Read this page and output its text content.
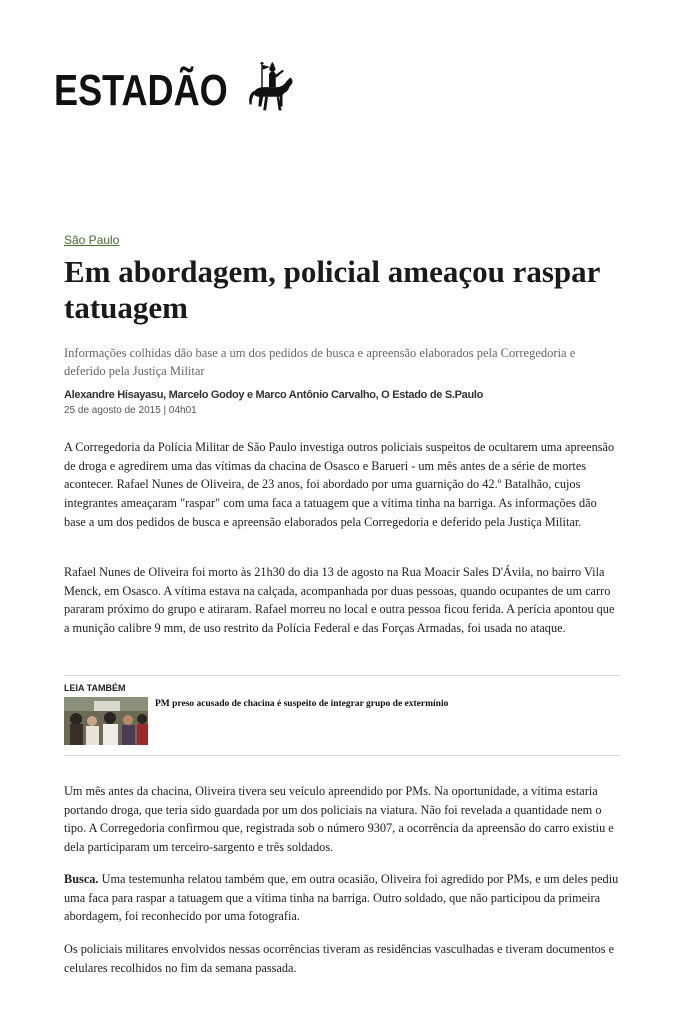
ESTADÃO
São Paulo
Em abordagem, policial ameaçou raspar tatuagem
Informações colhidas dão base a um dos pedidos de busca e apreensão elaborados pela Corregedoria e deferido pela Justiça Militar
Alexandre Hisayasu, Marcelo Godoy e Marco Antônio Carvalho, O Estado de S.Paulo
25 de agosto de 2015 | 04h01

A Corregedoria da Polícia Militar de São Paulo investiga outros policiais suspeitos de ocultarem uma apreensão de droga e agredirem uma das vítimas da chacina de Osasco e Barueri - um mês antes de a série de mortes acontecer. Rafael Nunes de Oliveira, de 23 anos, foi abordado por uma guarnição do 42.º Batalhão, cujos integrantes ameaçaram "raspar" com uma faca a tatuagem que a vítima tinha na barriga. As informações dão base a um dos pedidos de busca e apreensão elaborados pela Corregedoria e deferido pela Justiça Militar.

Rafael Nunes de Oliveira foi morto às 21h30 do dia 13 de agosto na Rua Moacir Sales D'Ávila, no bairro Vila Menck, em Osasco. A vítima estava na calçada, acompanhada por duas pessoas, quando ocupantes de um carro pararam próximo do grupo e atiraram. Rafael morreu no local e outra pessoa ficou ferida. A perícia apontou que a munição calibre 9 mm, de uso restrito da Polícia Federal e das Forças Armadas, foi usada no ataque.

LEIA TAMBÉM
PM preso acusado de chacina é suspeito de integrar grupo de extermínio

Um mês antes da chacina, Oliveira tivera seu veículo apreendido por PMs. Na oportunidade, a vítima estaria portando droga, que teria sido guardada por um dos policiais na viatura. Não foi revelada a quantidade nem o tipo. A Corregedoria confirmou que, registrada sob o número 9307, a ocorrência da apreensão do carro existiu e dela participaram um terceiro-sargento e três soldados.

Busca. Uma testemunha relatou também que, em outra ocasião, Oliveira foi agredido por PMs, e um deles pediu uma faca para raspar a tatuagem que a vítima tinha na barriga. Outro soldado, que não participou da primeira abordagem, foi reconhecido por uma fotografia.

Os policiais militares envolvidos nessas ocorrências tiveram as residências vasculhadas e tiveram documentos e celulares recolhidos no fim da semana passada.
